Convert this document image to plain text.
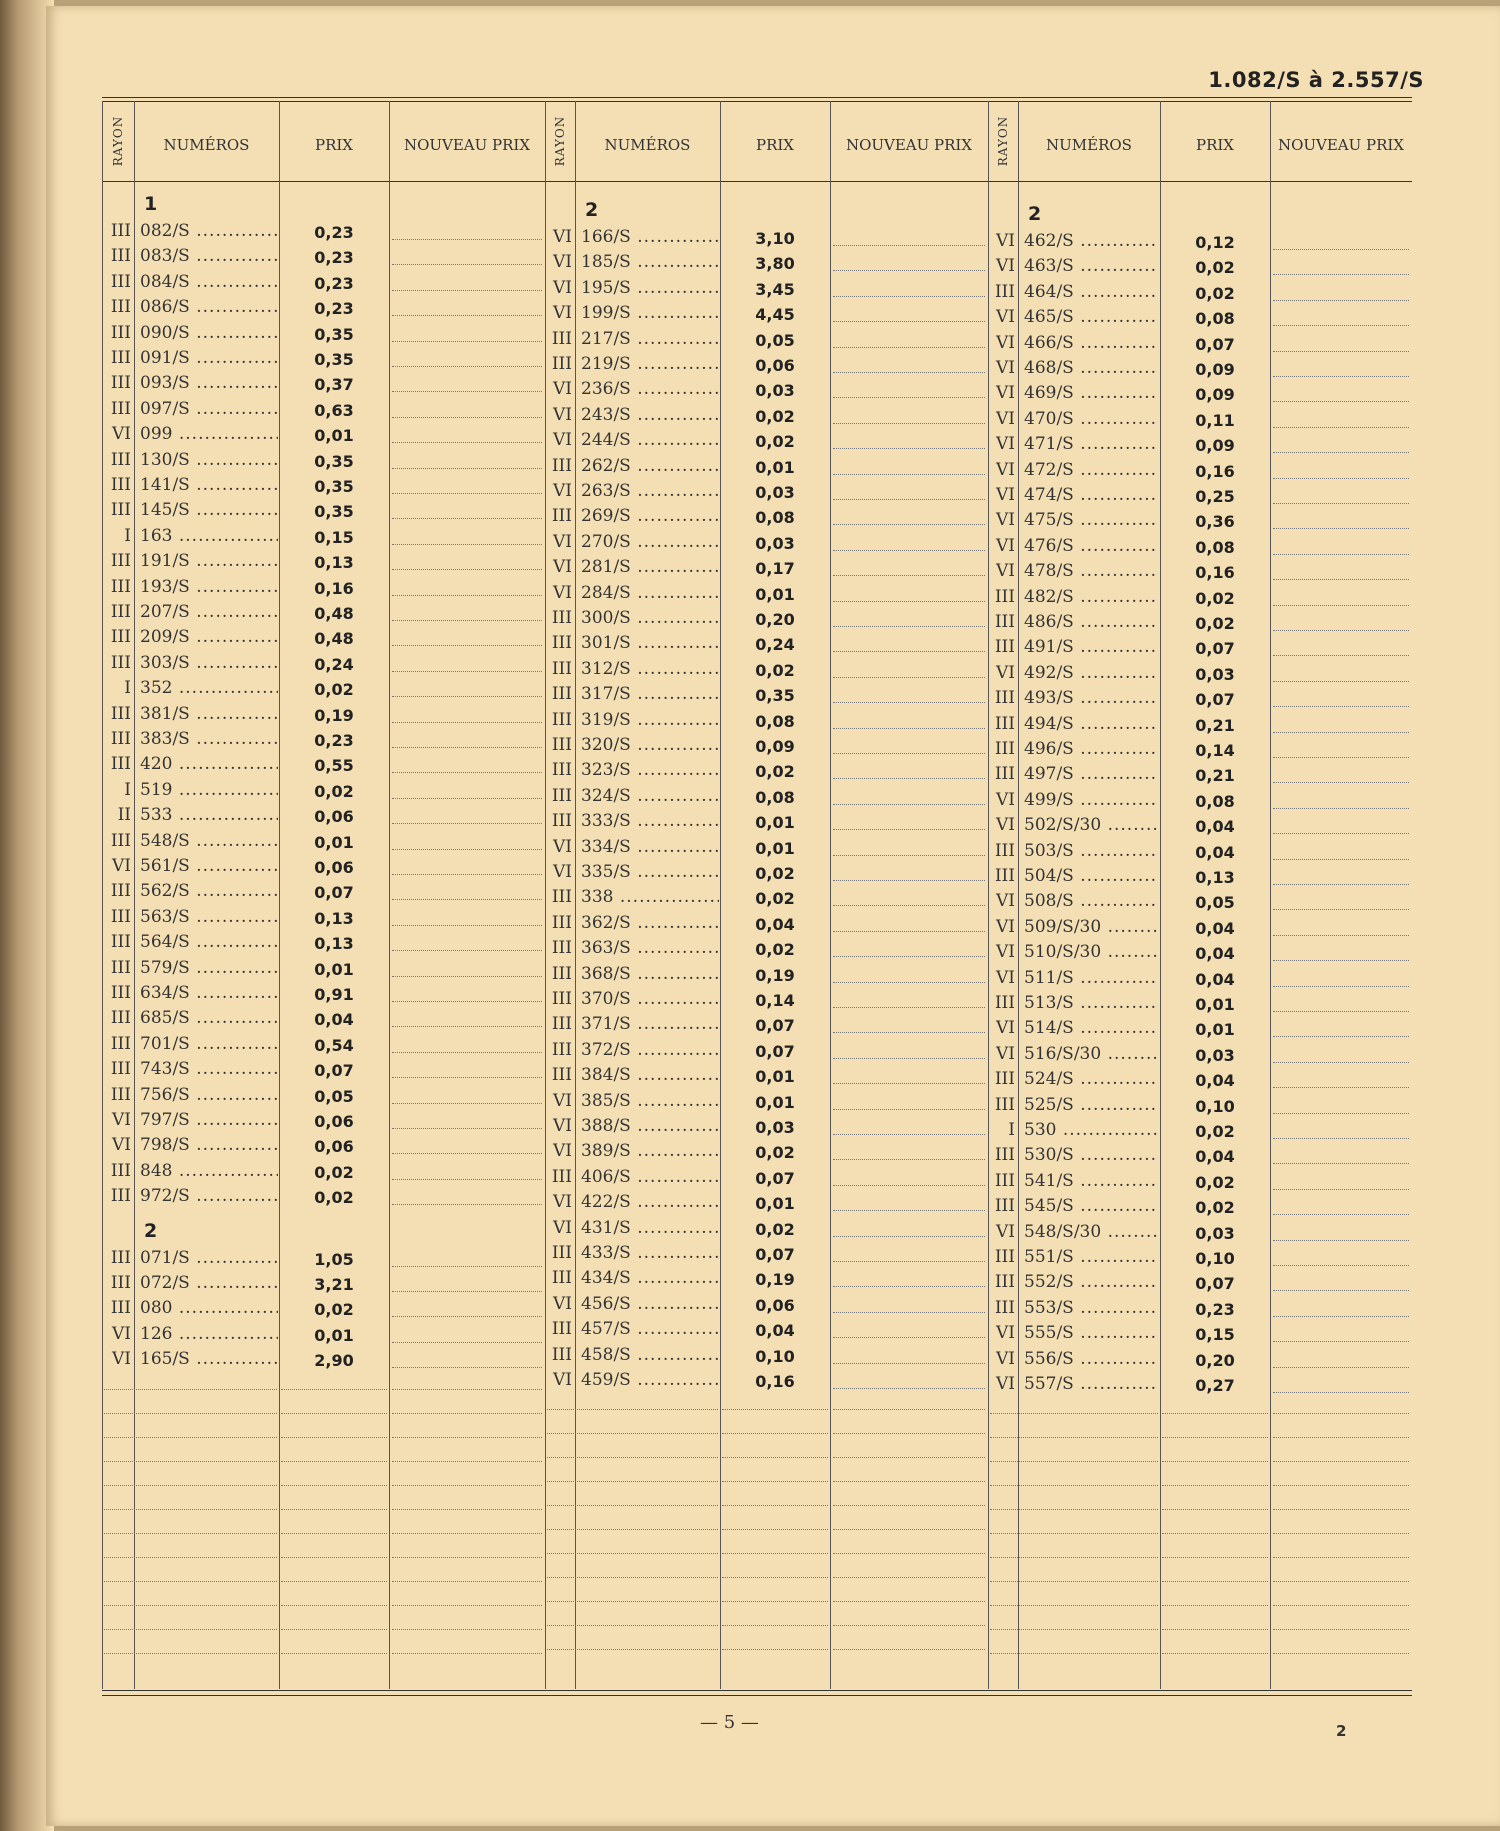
1.082/S à 2.557/S
RAYON	NUMÉROS	PRIX	NOUVEAU PRIX
1
III 082/S .....	0,23
III 083/S .....	0,23
III 084/S .....	0,23
III 086/S .....	0,23
III 090/S .....	0,35
III 091/S .....	0,35
III 093/S .....	0,37
III 097/S .....	0,63
VI 099 .....	0,01
III 130/S .....	0,35
III 141/S .....	0,35
III 145/S .....	0,35
I 163 .....	0,15
III 191/S .....	0,13
III 193/S .....	0,16
III 207/S .....	0,48
III 209/S .....	0,48
III 303/S .....	0,24
I 352 .....	0,02
III 381/S .....	0,19
III 383/S .....	0,23
III 420 .....	0,55
I 519 .....	0,02
II 533 .....	0,06
III 548/S .....	0,01
VI 561/S .....	0,06
III 562/S .....	0,07
III 563/S .....	0,13
III 564/S .....	0,13
III 579/S .....	0,01
III 634/S .....	0,91
III 685/S .....	0,04
III 701/S .....	0,54
III 743/S .....	0,07
III 756/S .....	0,05
VI 797/S .....	0,06
VI 798/S .....	0,06
III 848 .....	0,02
III 972/S .....	0,02
2
III 071/S .....	1,05
III 072/S .....	3,21
III 080 .....	0,02
VI 126 .....	0,01
VI 165/S .....	2,90
RAYON	NUMÉROS	PRIX	NOUVEAU PRIX
2
VI 166/S .....	3,10
VI 185/S .....	3,80
VI 195/S .....	3,45
VI 199/S .....	4,45
III 217/S .....	0,05
III 219/S .....	0,06
VI 236/S .....	0,03
VI 243/S .....	0,02
VI 244/S .....	0,02
III 262/S .....	0,01
VI 263/S .....	0,03
III 269/S .....	0,08
VI 270/S .....	0,03
VI 281/S .....	0,17
VI 284/S .....	0,01
III 300/S .....	0,20
III 301/S .....	0,24
III 312/S .....	0,02
III 317/S .....	0,35
III 319/S .....	0,08
III 320/S .....	0,09
III 323/S .....	0,02
III 324/S .....	0,08
III 333/S .....	0,01
VI 334/S .....	0,01
VI 335/S .....	0,02
III 338 .....	0,02
III 362/S .....	0,04
III 363/S .....	0,02
III 368/S .....	0,19
III 370/S .....	0,14
III 371/S .....	0,07
III 372/S .....	0,07
III 384/S .....	0,01
VI 385/S .....	0,01
VI 388/S .....	0,03
VI 389/S .....	0,02
III 406/S .....	0,07
VI 422/S .....	0,01
VI 431/S .....	0,02
III 433/S .....	0,07
III 434/S .....	0,19
VI 456/S .....	0,06
III 457/S .....	0,04
III 458/S .....	0,10
VI 459/S .....	0,16
RAYON	NUMÉROS	PRIX	NOUVEAU PRIX
2
VI 462/S .....	0,12
VI 463/S .....	0,02
III 464/S .....	0,02
VI 465/S .....	0,08
VI 466/S .....	0,07
VI 468/S .....	0,09
VI 469/S .....	0,09
VI 470/S .....	0,11
VI 471/S .....	0,09
VI 472/S .....	0,16
VI 474/S .....	0,25
VI 475/S .....	0,36
VI 476/S .....	0,08
VI 478/S .....	0,16
III 482/S .....	0,02
III 486/S .....	0,02
III 491/S .....	0,07
VI 492/S .....	0,03
III 493/S .....	0,07
III 494/S .....	0,21
III 496/S .....	0,14
III 497/S .....	0,21
VI 499/S .....	0,08
VI 502/S/30 .....	0,04
III 503/S .....	0,04
III 504/S .....	0,13
VI 508/S .....	0,05
VI 509/S/30 .....	0,04
VI 510/S/30 .....	0,04
VI 511/S .....	0,04
III 513/S .....	0,01
VI 514/S .....	0,01
VI 516/S/30 .....	0,03
III 524/S .....	0,04
III 525/S .....	0,10
I 530 .....	0,02
III 530/S .....	0,04
III 541/S .....	0,02
III 545/S .....	0,02
VI 548/S/30 .....	0,03
III 551/S .....	0,10
III 552/S .....	0,07
III 553/S .....	0,23
VI 555/S .....	0,15
VI 556/S .....	0,20
VI 557/S .....	0,27
— 5 —	2
